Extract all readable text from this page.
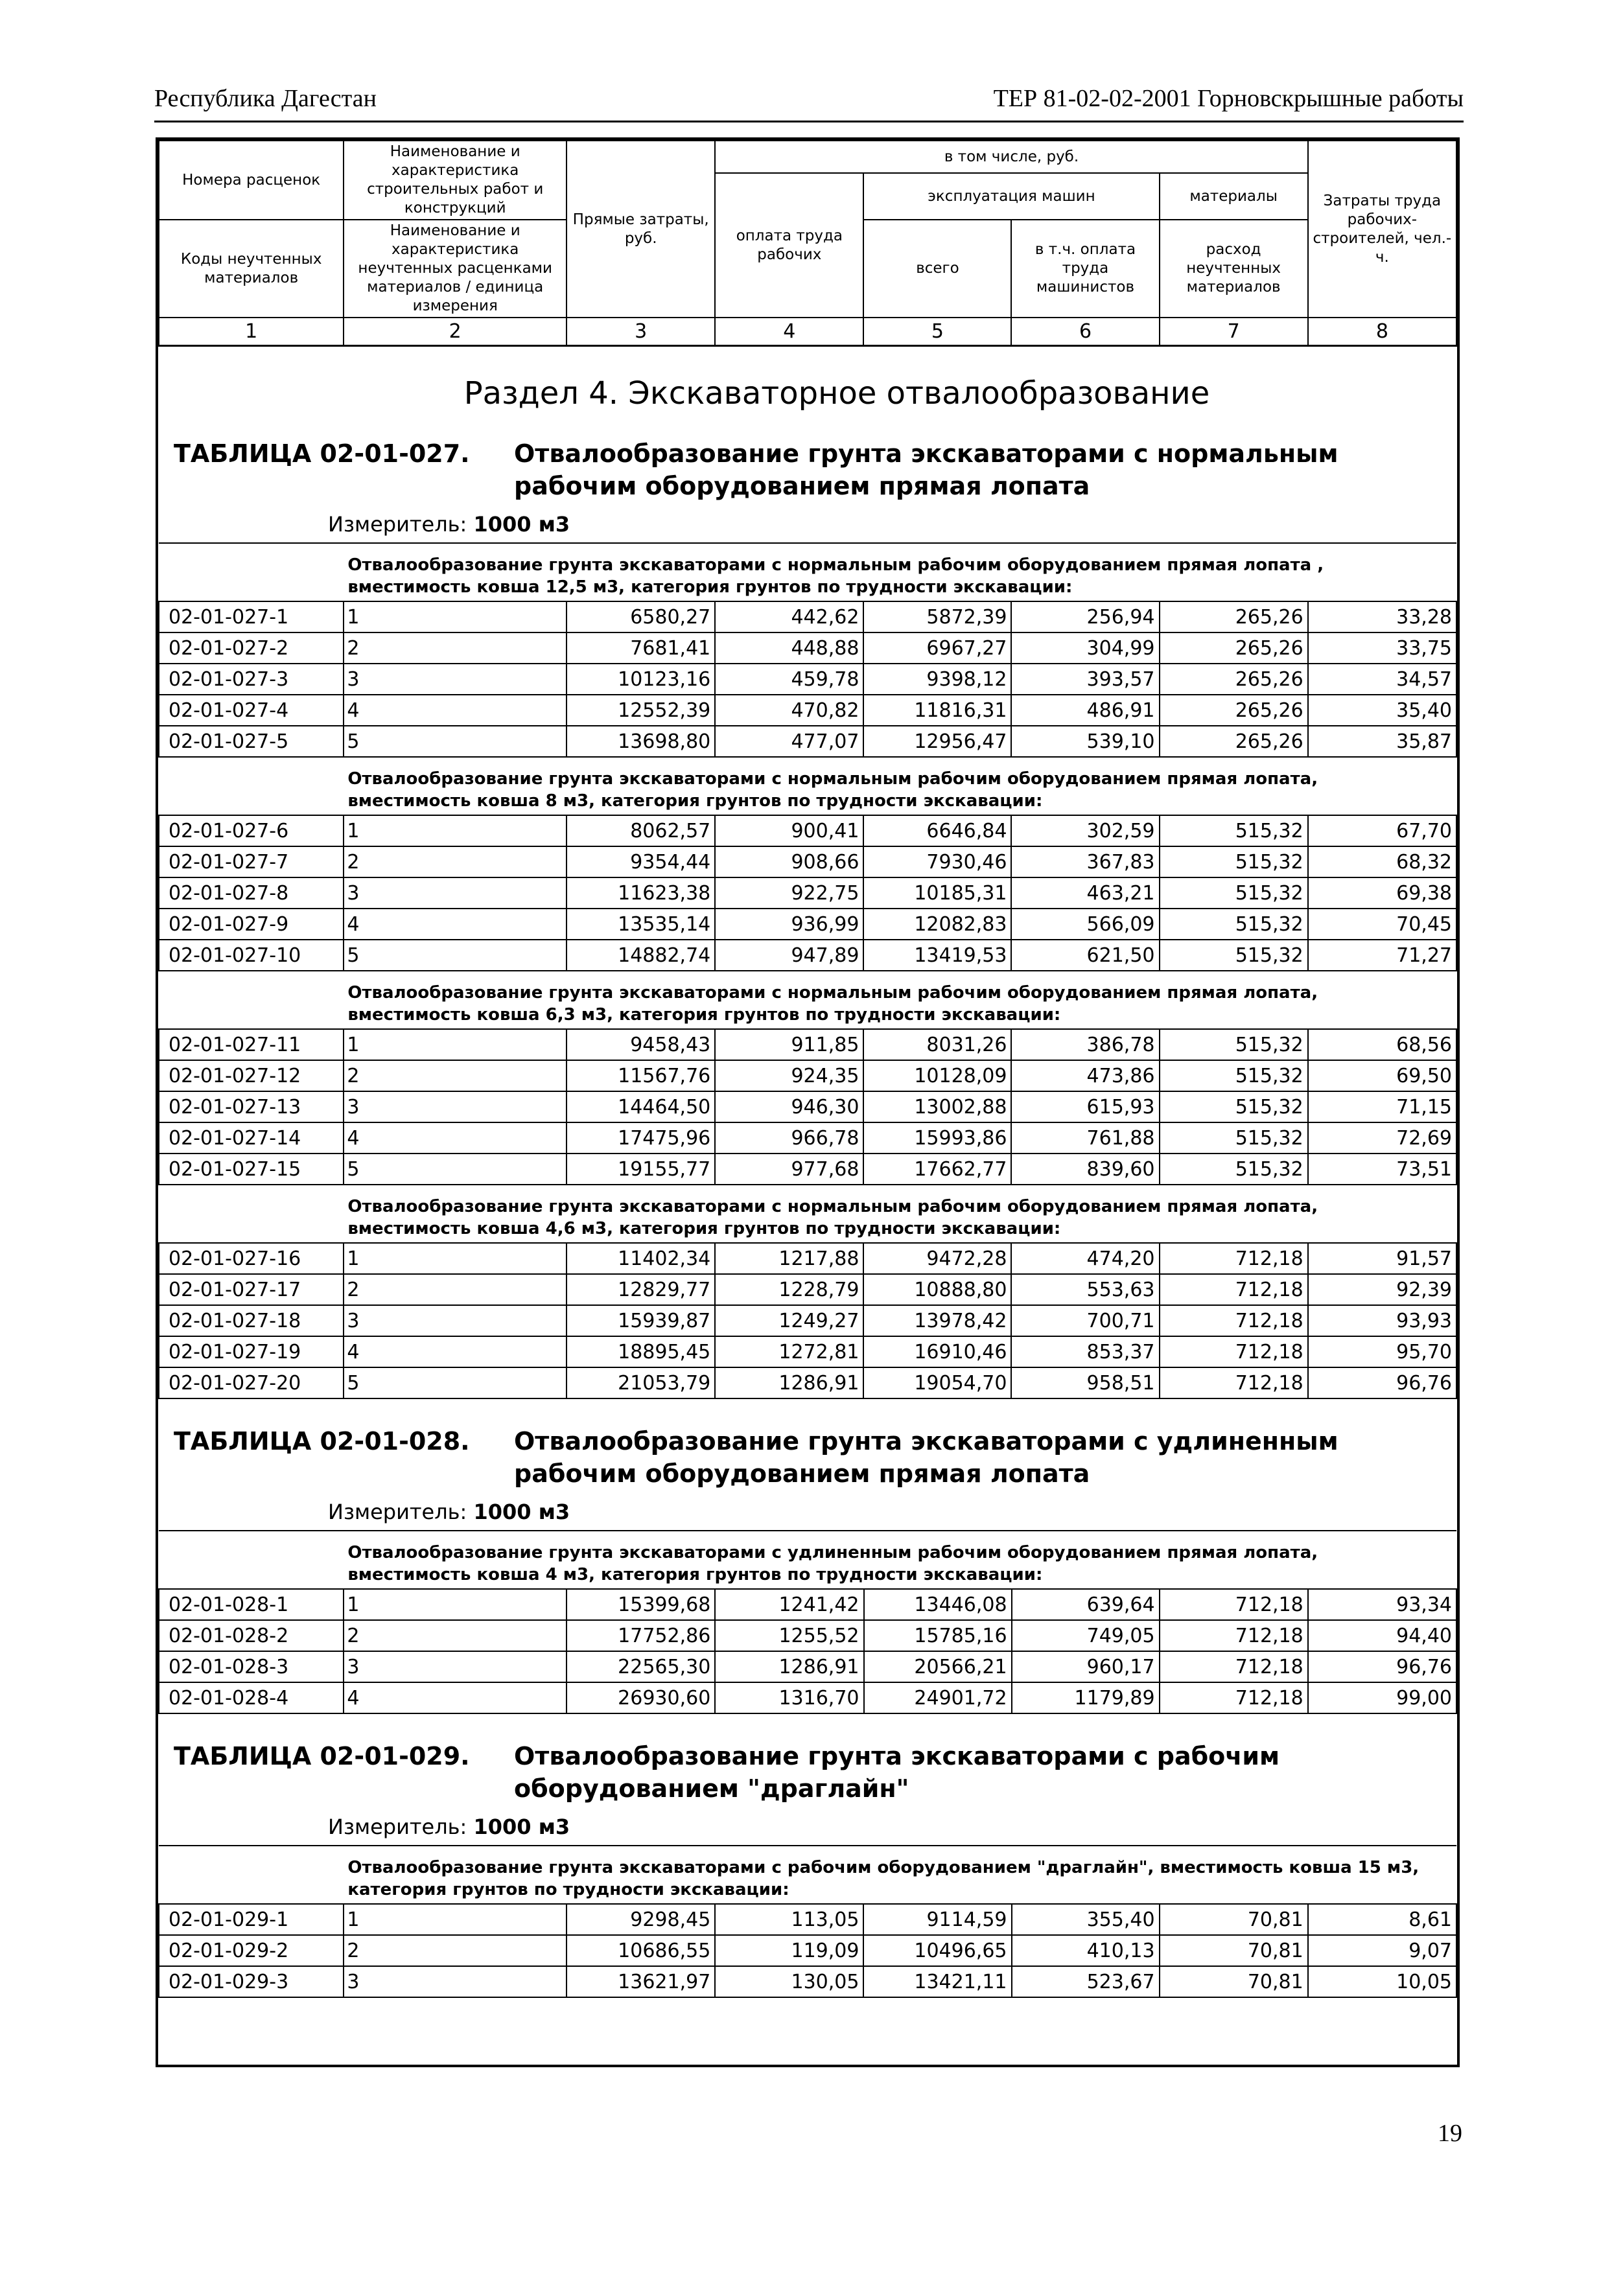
Республика Дагестан	ТЕР 81-02-02-2001 Горновскрышные работы
Номера расценок	Наименование и характеристика строительных работ и конструкций	Прямые затраты, руб.	в том числе, руб.				Затраты труда рабочих-строителей, чел.-ч.
			оплата труда рабочих	эксплуатация машин		материалы	
Коды неучтенных материалов	Наименование и характеристика неучтенных расценками материалов / единица измерения			всего	в т.ч. оплата труда машинистов	расход неучтенных материалов	

1	2	3	4	5	6	7	8
Раздел 4. Экскаваторное отвалообразование
ТАБЛИЦА 02-01-027.	Отвалообразование грунта экскаваторами с нормальным рабочим оборудованием прямая лопата
Измеритель: 1000 м3
	Отвалообразование грунта экскаваторами с нормальным рабочим оборудованием прямая лопата , вместимость ковша 12,5 м3, категория грунтов по трудности экскавации:						
02-01-027-1	1	6580,27	442,62	5872,39	256,94	265,26	33,28
02-01-027-2	2	7681,41	448,88	6967,27	304,99	265,26	33,75
02-01-027-3	3	10123,16	459,78	9398,12	393,57	265,26	34,57
02-01-027-4	4	12552,39	470,82	11816,31	486,91	265,26	35,40
02-01-027-5	5	13698,80	477,07	12956,47	539,10	265,26	35,87
	Отвалообразование грунта экскаваторами с нормальным рабочим оборудованием прямая лопата, вместимость ковша 8 м3, категория грунтов по трудности экскавации:						
02-01-027-6	1	8062,57	900,41	6646,84	302,59	515,32	67,70
02-01-027-7	2	9354,44	908,66	7930,46	367,83	515,32	68,32
02-01-027-8	3	11623,38	922,75	10185,31	463,21	515,32	69,38
02-01-027-9	4	13535,14	936,99	12082,83	566,09	515,32	70,45
02-01-027-10	5	14882,74	947,89	13419,53	621,50	515,32	71,27
	Отвалообразование грунта экскаваторами с нормальным рабочим оборудованием прямая лопата, вместимость ковша 6,3 м3, категория грунтов по трудности экскавации:						
02-01-027-11	1	9458,43	911,85	8031,26	386,78	515,32	68,56
02-01-027-12	2	11567,76	924,35	10128,09	473,86	515,32	69,50
02-01-027-13	3	14464,50	946,30	13002,88	615,93	515,32	71,15
02-01-027-14	4	17475,96	966,78	15993,86	761,88	515,32	72,69
02-01-027-15	5	19155,77	977,68	17662,77	839,60	515,32	73,51
	Отвалообразование грунта экскаваторами с нормальным рабочим оборудованием прямая лопата, вместимость ковша 4,6 м3, категория грунтов по трудности экскавации:						
02-01-027-16	1	11402,34	1217,88	9472,28	474,20	712,18	91,57
02-01-027-17	2	12829,77	1228,79	10888,80	553,63	712,18	92,39
02-01-027-18	3	15939,87	1249,27	13978,42	700,71	712,18	93,93
02-01-027-19	4	18895,45	1272,81	16910,46	853,37	712,18	95,70
02-01-027-20	5	21053,79	1286,91	19054,70	958,51	712,18	96,76
ТАБЛИЦА 02-01-028.	Отвалообразование грунта экскаваторами с удлиненным рабочим оборудованием прямая лопата
Измеритель: 1000 м3
	Отвалообразование грунта экскаваторами с удлиненным рабочим оборудованием прямая лопата, вместимость ковша 4 м3, категория грунтов по трудности экскавации:						
02-01-028-1	1	15399,68	1241,42	13446,08	639,64	712,18	93,34
02-01-028-2	2	17752,86	1255,52	15785,16	749,05	712,18	94,40
02-01-028-3	3	22565,30	1286,91	20566,21	960,17	712,18	96,76
02-01-028-4	4	26930,60	1316,70	24901,72	1179,89	712,18	99,00
ТАБЛИЦА 02-01-029.	Отвалообразование грунта экскаваторами с рабочим оборудованием "драглайн"
Измеритель: 1000 м3
	Отвалообразование грунта экскаваторами с рабочим оборудованием "драглайн", вместимость ковша 15 м3, категория грунтов по трудности экскавации:						
02-01-029-1	1	9298,45	113,05	9114,59	355,40	70,81	8,61
02-01-029-2	2	10686,55	119,09	10496,65	410,13	70,81	9,07
02-01-029-3	3	13621,97	130,05	13421,11	523,67	70,81	10,05
19
